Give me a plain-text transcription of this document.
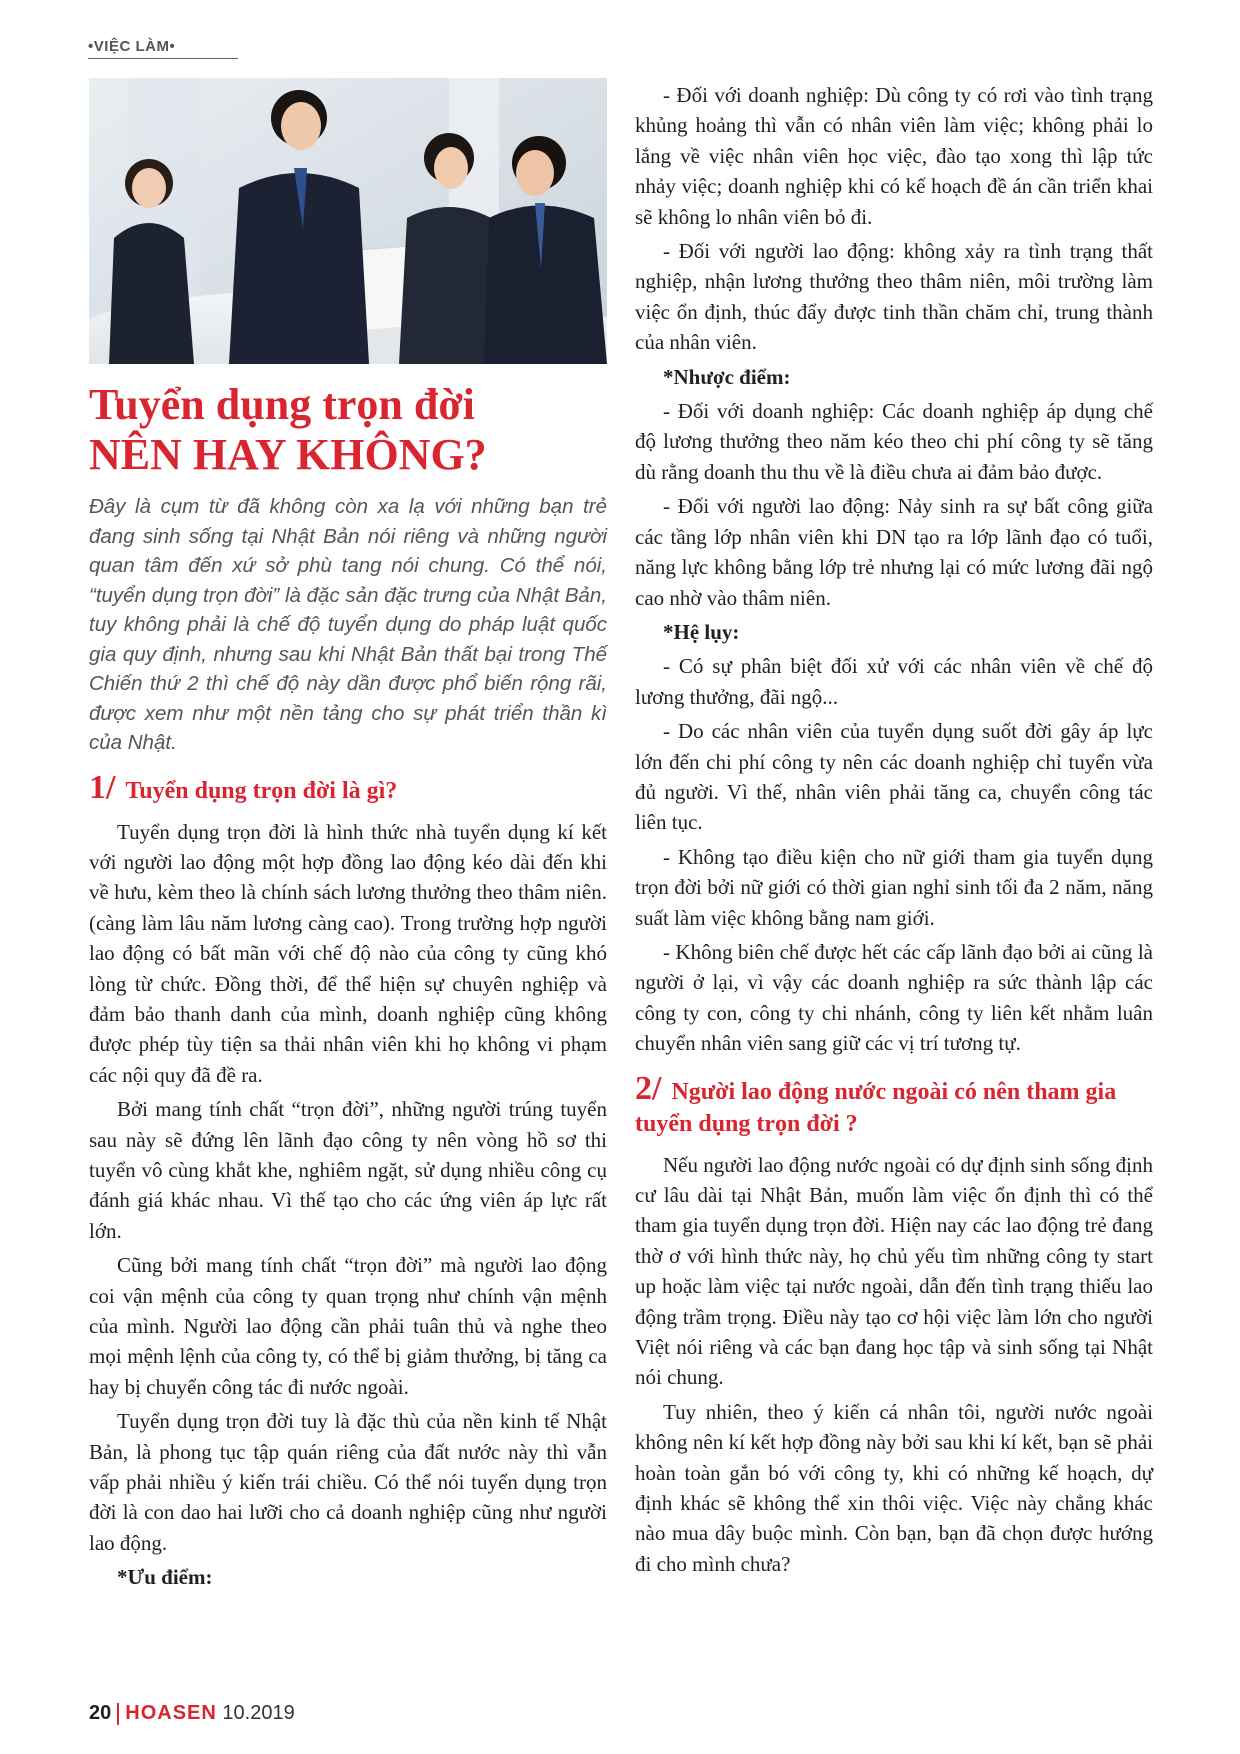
•VIỆC LÀM•
Tuyển dụng trọn đời
NÊN HAY KHÔNG?

Đây là cụm từ đã không còn xa lạ với những bạn trẻ đang sinh sống tại Nhật Bản nói riêng và những người quan tâm đến xứ sở phù tang nói chung. Có thể nói, “tuyển dụng trọn đời” là đặc sản đặc trưng của Nhật Bản, tuy không phải là chế độ tuyển dụng do pháp luật quốc gia quy định, nhưng sau khi Nhật Bản thất bại trong Thế Chiến thứ 2 thì chế độ này dần được phổ biến rộng rãi, được xem như một nền tảng cho sự phát triển thần kì của Nhật.

1/ Tuyển dụng trọn đời là gì?

Tuyển dụng trọn đời là hình thức nhà tuyển dụng kí kết với người lao động một hợp đồng lao động kéo dài đến khi về hưu, kèm theo là chính sách lương thưởng theo thâm niên. (càng làm lâu năm lương càng cao). Trong trường hợp người lao động có bất mãn với chế độ nào của công ty cũng khó lòng từ chức. Đồng thời, để thể hiện sự chuyên nghiệp và đảm bảo thanh danh của mình, doanh nghiệp cũng không được phép tùy tiện sa thải nhân viên khi họ không vi phạm các nội quy đã đề ra.

Bởi mang tính chất “trọn đời”, những người trúng tuyển sau này sẽ đứng lên lãnh đạo công ty nên vòng hồ sơ thi tuyển vô cùng khắt khe, nghiêm ngặt, sử dụng nhiều công cụ đánh giá khác nhau. Vì thế tạo cho các ứng viên áp lực rất lớn.

Cũng bởi mang tính chất “trọn đời” mà người lao động coi vận mệnh của công ty quan trọng như chính vận mệnh của mình. Người lao động cần phải tuân thủ và nghe theo mọi mệnh lệnh của công ty, có thể bị giảm thưởng, bị tăng ca hay bị chuyển công tác đi nước ngoài.

Tuyển dụng trọn đời tuy là đặc thù của nền kinh tế Nhật Bản, là phong tục tập quán riêng của đất nước này thì vẫn vấp phải nhiều ý kiến trái chiều. Có thể nói tuyển dụng trọn đời là con dao hai lưỡi cho cả doanh nghiệp cũng như người lao động.

*Ưu điểm:

- Đối với doanh nghiệp: Dù công ty có rơi vào tình trạng khủng hoảng thì vẫn có nhân viên làm việc; không phải lo lắng về việc nhân viên học việc, đào tạo xong thì lập tức nhảy việc; doanh nghiệp khi có kế hoạch đề án cần triển khai sẽ không lo nhân viên bỏ đi.

- Đối với người lao động: không xảy ra tình trạng thất nghiệp, nhận lương thưởng theo thâm niên, môi trường làm việc ổn định, thúc đẩy được tinh thần chăm chỉ, trung thành của nhân viên.

*Nhược điểm:

- Đối với doanh nghiệp: Các doanh nghiệp áp dụng chế độ lương thưởng theo năm kéo theo chi phí công ty sẽ tăng dù rằng doanh thu thu về là điều chưa ai đảm bảo được.

- Đối với người lao động: Nảy sinh ra sự bất công giữa các tầng lớp nhân viên khi DN tạo ra lớp lãnh đạo có tuổi, năng lực không bằng lớp trẻ nhưng lại có mức lương đãi ngộ cao nhờ vào thâm niên.

*Hệ lụy:

- Có sự phân biệt đối xử với các nhân viên về chế độ lương thưởng, đãi ngộ...

- Do các nhân viên của tuyển dụng suốt đời gây áp lực lớn đến chi phí công ty nên các doanh nghiệp chỉ tuyển vừa đủ người. Vì thế, nhân viên phải tăng ca, chuyển công tác liên tục.

- Không tạo điều kiện cho nữ giới tham gia tuyển dụng trọn đời bởi nữ giới có thời gian nghỉ sinh tối đa 2 năm, năng suất làm việc không bằng nam giới.

- Không biên chế được hết các cấp lãnh đạo bởi ai cũng là người ở lại, vì vậy các doanh nghiệp ra sức thành lập các công ty con, công ty chi nhánh, công ty liên kết nhằm luân chuyển nhân viên sang giữ các vị trí tương tự.

2/ Người lao động nước ngoài có nên tham gia tuyển dụng trọn đời ?

Nếu người lao động nước ngoài có dự định sinh sống định cư lâu dài tại Nhật Bản, muốn làm việc ổn định thì có thể tham gia tuyển dụng trọn đời. Hiện nay các lao động trẻ đang thờ ơ với hình thức này, họ chủ yếu tìm những công ty start up hoặc làm việc tại nước ngoài, dẫn đến tình trạng thiếu lao động trầm trọng. Điều này tạo cơ hội việc làm lớn cho người Việt nói riêng và các bạn đang học tập và sinh sống tại Nhật nói chung.

Tuy nhiên, theo ý kiến cá nhân tôi, người nước ngoài không nên kí kết hợp đồng này bởi sau khi kí kết, bạn sẽ phải hoàn toàn gắn bó với công ty, khi có những kế hoạch, dự định khác sẽ không thể xin thôi việc. Việc này chẳng khác nào mua dây buộc mình. Còn bạn, bạn đã chọn được hướng đi cho mình chưa?

20 HOASEN 10.2019
